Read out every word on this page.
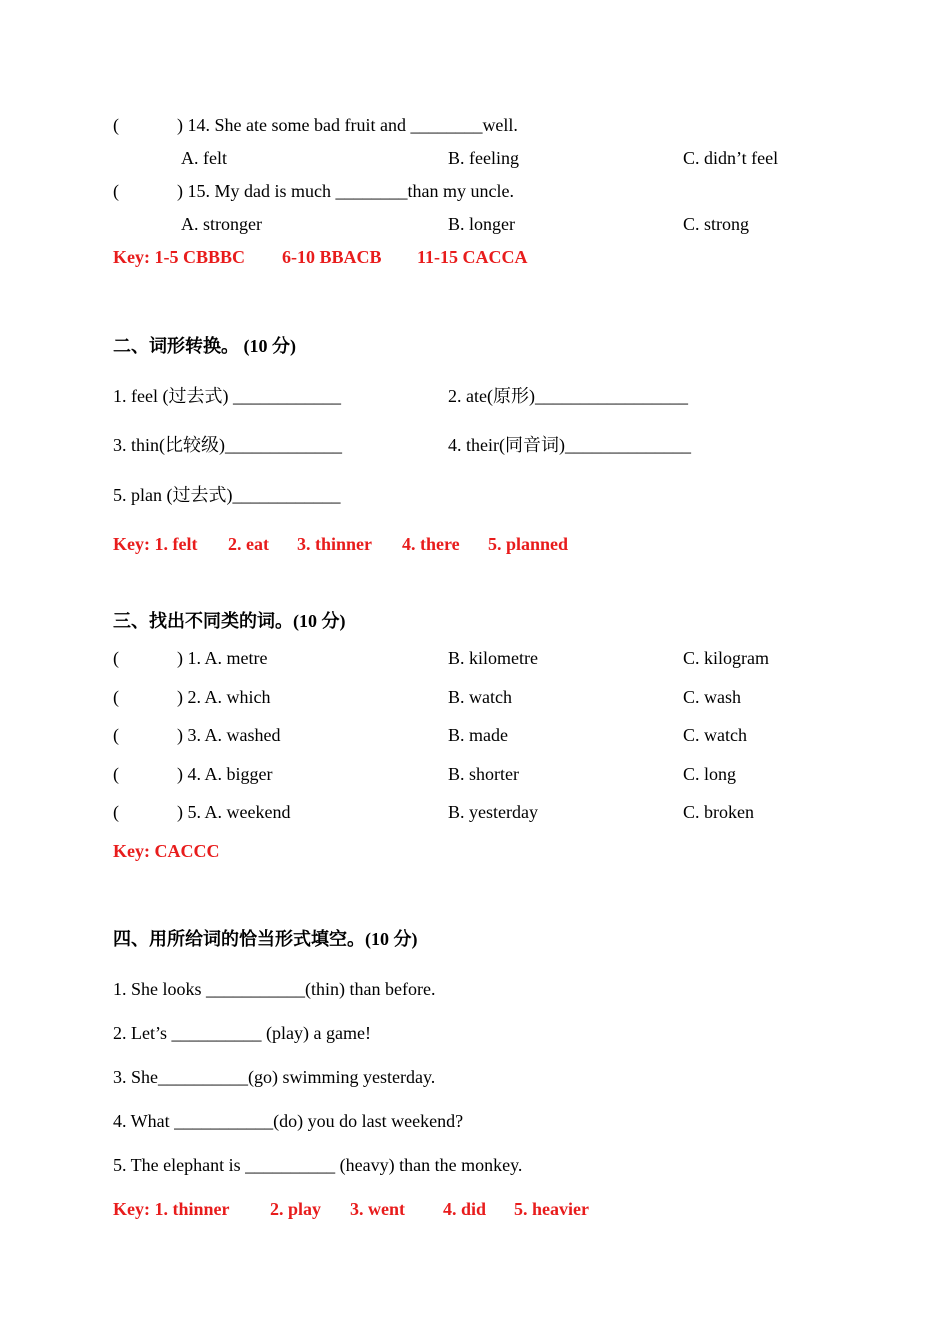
(	) 14. She ate some bad fruit and ________well.
A. felt	B. feeling	C. didn’t feel
(	) 15. My dad is much ________than my uncle.
A. stronger	B. longer	C. strong
Key: 1-5 CBBBC 6-10 BBACB 11-15 CACCA
二、词形转换。 (10 分)
1. feel (过去式) ____________	2. ate(原形)_________________
3. thin(比较级)_____________	4. their(同音词)______________
5. plan (过去式)____________
Key: 1. felt 2. eat 3. thinner 4. there 5. planned
三、找出不同类的词。(10 分)
(	) 1. A. metre	B. kilometre	C. kilogram
(	) 2. A. which	B. watch	C. wash
(	) 3. A. washed	B. made	C. watch
(	) 4. A. bigger	B. shorter	C. long
(	) 5. A. weekend	B. yesterday	C. broken
Key: CACCC
四、用所给词的恰当形式填空。(10 分)
1. She looks ___________(thin) than before.
2. Let’s __________ (play) a game!
3. She__________(go) swimming yesterday.
4. What ___________(do) you do last weekend?
5. The elephant is __________ (heavy) than the monkey.
Key: 1. thinner 2. play 3. went 4. did 5. heavier
